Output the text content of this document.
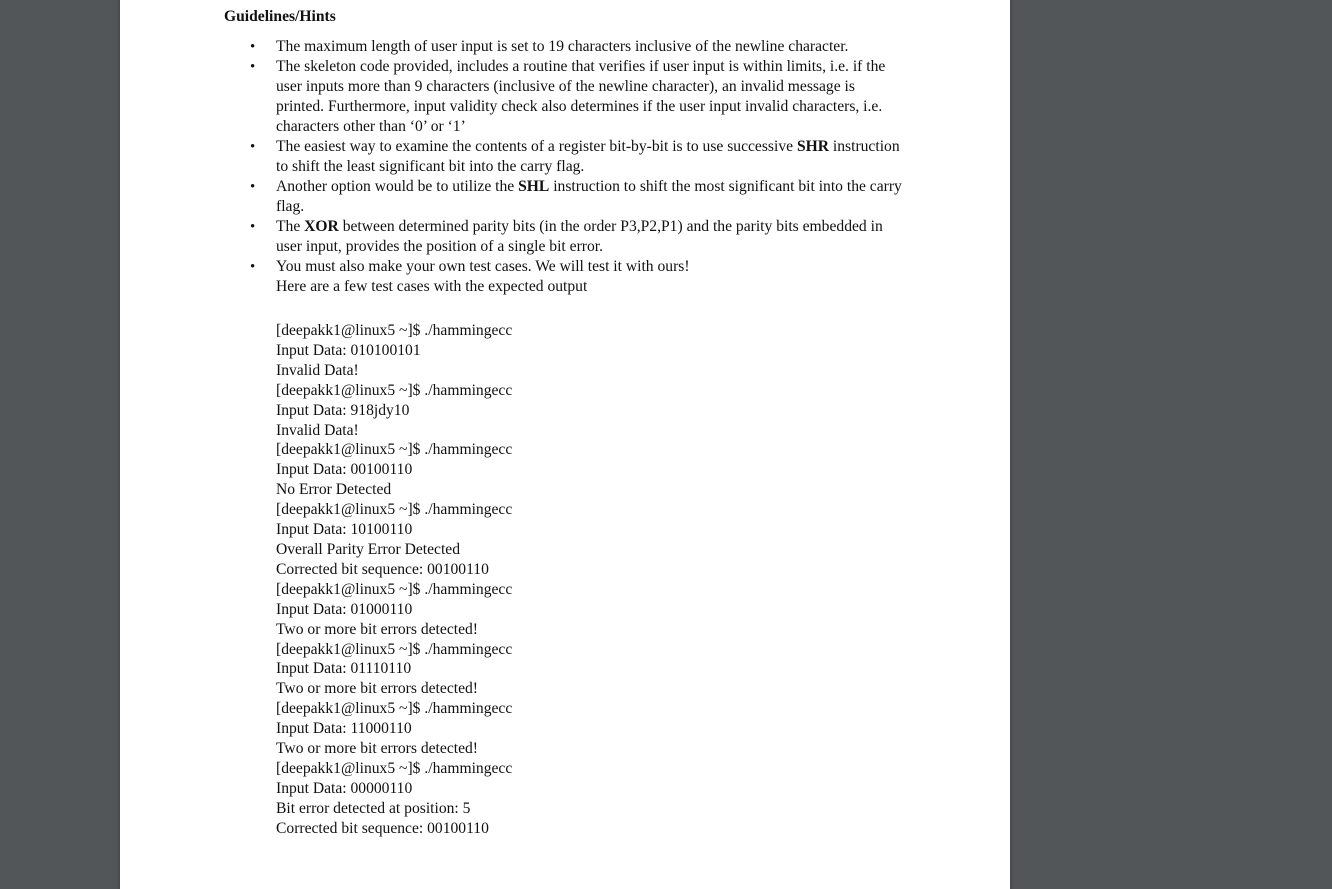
Guidelines/Hints
• The maximum length of user input is set to 19 characters inclusive of the newline character.
• The skeleton code provided, includes a routine that verifies if user input is within limits, i.e. if the user inputs more than 9 characters (inclusive of the newline character), an invalid message is printed. Furthermore, input validity check also determines if the user input invalid characters, i.e. characters other than ‘0’ or ‘1’
• The easiest way to examine the contents of a register bit-by-bit is to use successive SHR instruction to shift the least significant bit into the carry flag.
• Another option would be to utilize the SHL instruction to shift the most significant bit into the carry flag.
• The XOR between determined parity bits (in the order P3,P2,P1) and the parity bits embedded in user input, provides the position of a single bit error.
• You must also make your own test cases. We will test it with ours!
Here are a few test cases with the expected output
[deepakk1@linux5 ~]$ ./hammingecc
Input Data: 010100101
Invalid Data!
[deepakk1@linux5 ~]$ ./hammingecc
Input Data: 918jdy10
Invalid Data!
[deepakk1@linux5 ~]$ ./hammingecc
Input Data: 00100110
No Error Detected
[deepakk1@linux5 ~]$ ./hammingecc
Input Data: 10100110
Overall Parity Error Detected
Corrected bit sequence: 00100110
[deepakk1@linux5 ~]$ ./hammingecc
Input Data: 01000110
Two or more bit errors detected!
[deepakk1@linux5 ~]$ ./hammingecc
Input Data: 01110110
Two or more bit errors detected!
[deepakk1@linux5 ~]$ ./hammingecc
Input Data: 11000110
Two or more bit errors detected!
[deepakk1@linux5 ~]$ ./hammingecc
Input Data: 00000110
Bit error detected at position: 5
Corrected bit sequence: 00100110
